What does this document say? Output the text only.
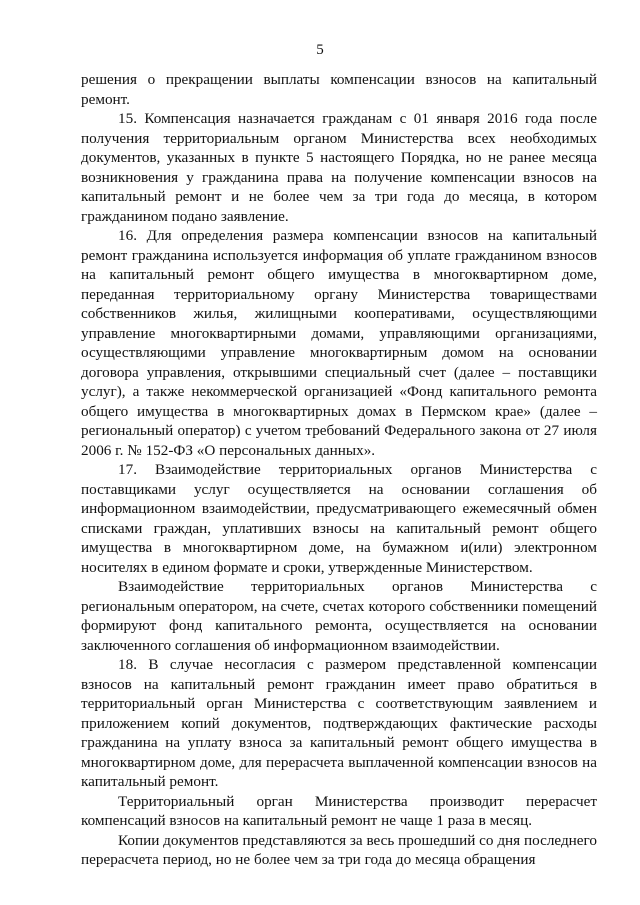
5

решения о прекращении выплаты компенсации взносов на капитальный ремонт.

15. Компенсация назначается гражданам с 01 января 2016 года после получения территориальным органом Министерства всех необходимых документов, указанных в пункте 5 настоящего Порядка, но не ранее месяца возникновения у гражданина права на получение компенсации взносов на капитальный ремонт и не более чем за три года до месяца, в котором гражданином подано заявление.

16. Для определения размера компенсации взносов на капитальный ремонт гражданина используется информация об уплате гражданином взносов на капитальный ремонт общего имущества в многоквартирном доме, переданная территориальному органу Министерства товариществами собственников жилья, жилищными кооперативами, осуществляющими управление многоквартирными домами, управляющими организациями, осуществляющими управление многоквартирным домом на основании договора управления, открывшими специальный счет (далее – поставщики услуг), а также некоммерческой организацией «Фонд капитального ремонта общего имущества в многоквартирных домах в Пермском крае» (далее – региональный оператор) с учетом требований Федерального закона от 27 июля 2006 г. № 152-ФЗ «О персональных данных».

17. Взаимодействие территориальных органов Министерства с поставщиками услуг осуществляется на основании соглашения об информационном взаимодействии, предусматривающего ежемесячный обмен списками граждан, уплативших взносы на капитальный ремонт общего имущества в многоквартирном доме, на бумажном и(или) электронном носителях в едином формате и сроки, утвержденные Министерством.

Взаимодействие территориальных органов Министерства с региональным оператором, на счете, счетах которого собственники помещений формируют фонд капитального ремонта, осуществляется на основании заключенного соглашения об информационном взаимодействии.

18. В случае несогласия с размером представленной компенсации взносов на капитальный ремонт гражданин имеет право обратиться в территориальный орган Министерства с соответствующим заявлением и приложением копий документов, подтверждающих фактические расходы гражданина на уплату взноса за капитальный ремонт общего имущества в многоквартирном доме, для перерасчета выплаченной компенсации взносов на капитальный ремонт.

Территориальный орган Министерства производит перерасчет компенсаций взносов на капитальный ремонт не чаще 1 раза в месяц.

Копии документов представляются за весь прошедший со дня последнего перерасчета период, но не более чем за три года до месяца обращения
